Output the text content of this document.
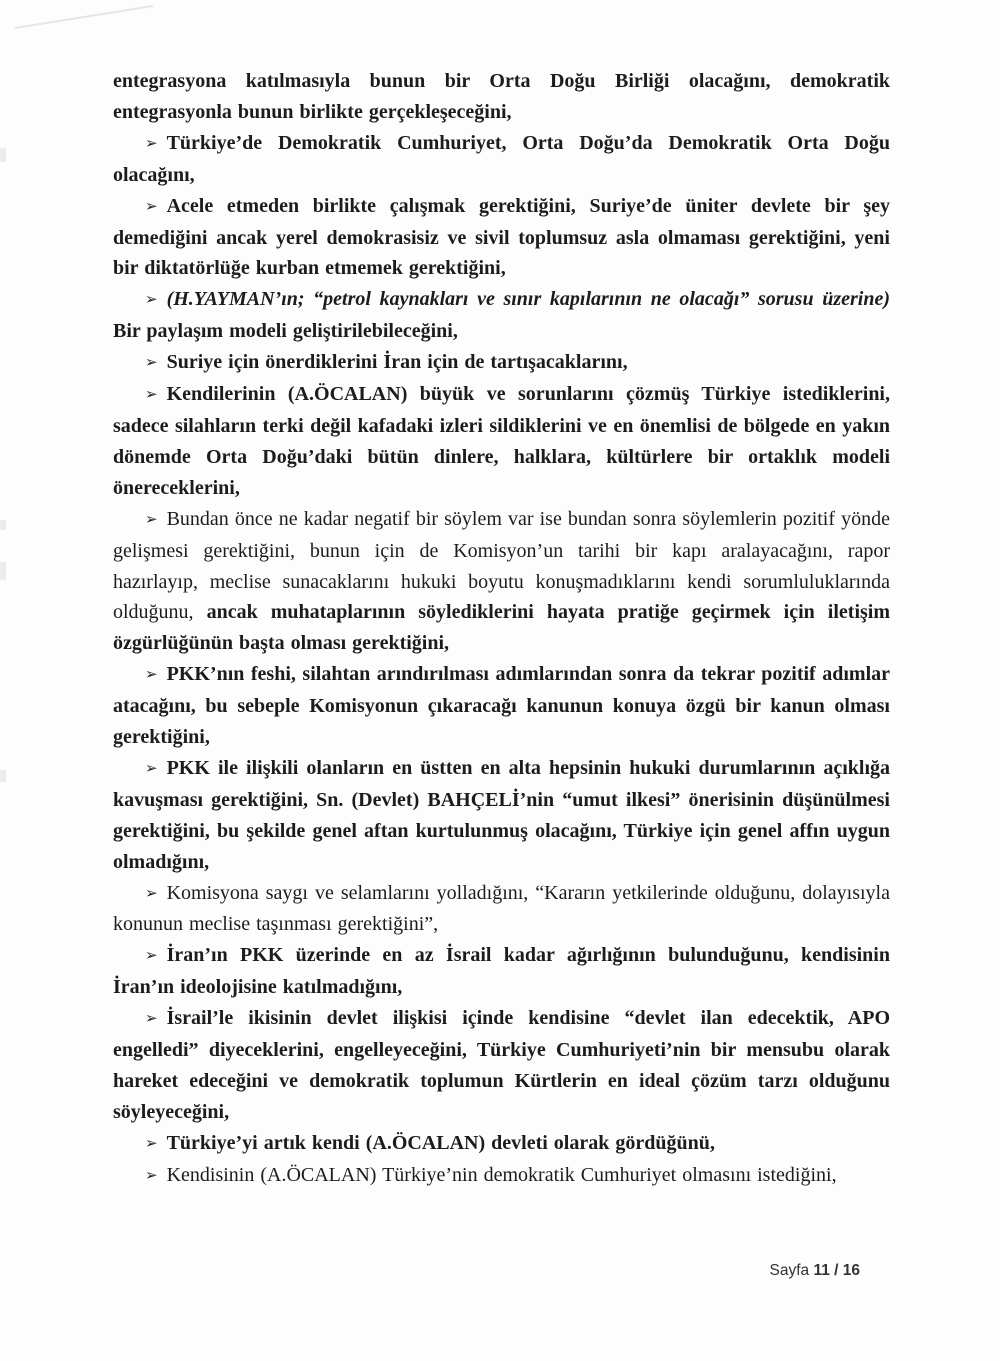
entegrasyona katılmasıyla bunun bir Orta Doğu Birliği olacağını, demokratik entegrasyonla bunun birlikte gerçekleşeceğini,

➢ Türkiye’de Demokratik Cumhuriyet, Orta Doğu’da Demokratik Orta Doğu olacağını,

➢ Acele etmeden birlikte çalışmak gerektiğini, Suriye’de üniter devlete bir şey demediğini ancak yerel demokrasisiz ve sivil toplumsuz asla olmaması gerektiğini, yeni bir diktatörlüğe kurban etmemek gerektiğini,

➢ (H.YAYMAN’ın; “petrol kaynakları ve sınır kapılarının ne olacağı” sorusu üzerine) Bir paylaşım modeli geliştirilebileceğini,

➢ Suriye için önerdiklerini İran için de tartışacaklarını,

➢ Kendilerinin (A.ÖCALAN) büyük ve sorunlarını çözmüş Türkiye istediklerini, sadece silahların terki değil kafadaki izleri sildiklerini ve en önemlisi de bölgede en yakın dönemde Orta Doğu’daki bütün dinlere, halklara, kültürlere bir ortaklık modeli önereceklerini,

➢ Bundan önce ne kadar negatif bir söylem var ise bundan sonra söylemlerin pozitif yönde gelişmesi gerektiğini, bunun için de Komisyon’un tarihi bir kapı aralayacağını, rapor hazırlayıp, meclise sunacaklarını hukuki boyutu konuşmadıklarını kendi sorumluluklarında olduğunu, ancak muhataplarının söylediklerini hayata pratiğe geçirmek için iletişim özgürlüğünün başta olması gerektiğini,

➢ PKK’nın feshi, silahtan arındırılması adımlarından sonra da tekrar pozitif adımlar atacağını, bu sebeple Komisyonun çıkaracağı kanunun konuya özgü bir kanun olması gerektiğini,

➢ PKK ile ilişkili olanların en üstten en alta hepsinin hukuki durumlarının açıklığa kavuşması gerektiğini, Sn. (Devlet) BAHÇELİ’nin “umut ilkesi” önerisinin düşünülmesi gerektiğini, bu şekilde genel aftan kurtulunmuş olacağını, Türkiye için genel affın uygun olmadığını,

➢ Komisyona saygı ve selamlarını yolladığını, “Kararın yetkilerinde olduğunu, dolayısıyla konunun meclise taşınması gerektiğini”,

➢ İran’ın PKK üzerinde en az İsrail kadar ağırlığının bulunduğunu, kendisinin İran’ın ideolojisine katılmadığını,

➢ İsrail’le ikisinin devlet ilişkisi içinde kendisine “devlet ilan edecektik, APO engelledi” diyeceklerini, engelleyeceğini, Türkiye Cumhuriyeti’nin bir mensubu olarak hareket edeceğini ve demokratik toplumun Kürtlerin en ideal çözüm tarzı olduğunu söyleyeceğini,

➢ Türkiye’yi artık kendi (A.ÖCALAN) devleti olarak gördüğünü,

➢ Kendisinin (A.ÖCALAN) Türkiye’nin demokratik Cumhuriyet olmasını istediğini,

Sayfa 11 / 16
